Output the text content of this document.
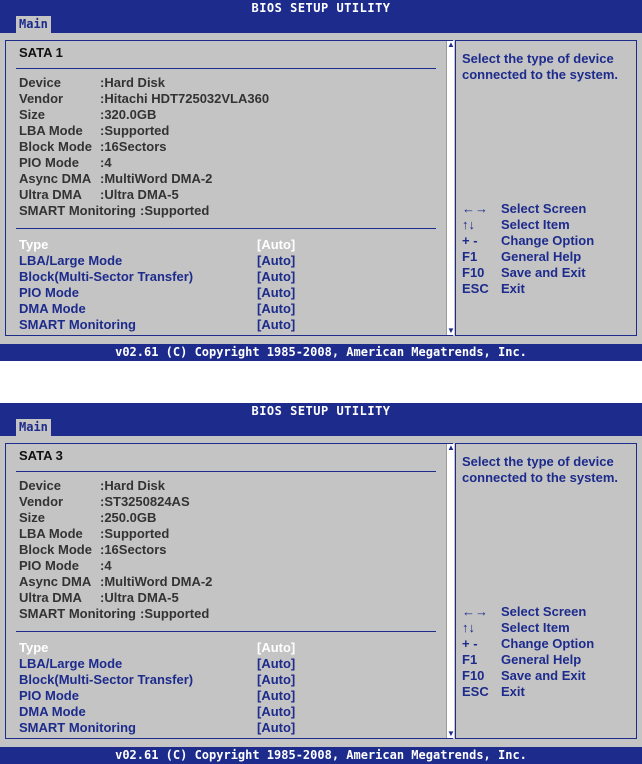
BIOS SETUP UTILITY
Main
SATA 1
Device	:Hard Disk
Vendor	:Hitachi HDT725032VLA360
Size	:320.0GB
LBA Mode :Supported
Block Mode :16Sectors
PIO Mode :4
Async DMA :MultiWord DMA-2
Ultra DMA :Ultra DMA-5
SMART Monitoring :Supported
Type	[Auto]
LBA/Large Mode	[Auto]
Block(Multi-Sector Transfer)	[Auto]
PIO Mode	[Auto]
DMA Mode	[Auto]
SMART Monitoring	[Auto]
▲
▼
Select the type of device connected to the system.
←→	Select Screen
↑↓	Select Item
+ -	Change Option
F1	General Help
F10	Save and Exit
ESC Exit
v02.61 (C) Copyright 1985-2008, American Megatrends, Inc.
BIOS SETUP UTILITY
Main
SATA 3
Device	:Hard Disk
Vendor	:ST3250824AS
Size	:250.0GB
LBA Mode :Supported
Block Mode :16Sectors
PIO Mode :4
Async DMA :MultiWord DMA-2
Ultra DMA :Ultra DMA-5
SMART Monitoring :Supported
Type	[Auto]
LBA/Large Mode	[Auto]
Block(Multi-Sector Transfer)	[Auto]
PIO Mode	[Auto]
DMA Mode	[Auto]
SMART Monitoring	[Auto]
▲
▼
Select the type of device connected to the system.
←→	Select Screen
↑↓	Select Item
+ -	Change Option
F1	General Help
F10	Save and Exit
ESC Exit
v02.61 (C) Copyright 1985-2008, American Megatrends, Inc.
